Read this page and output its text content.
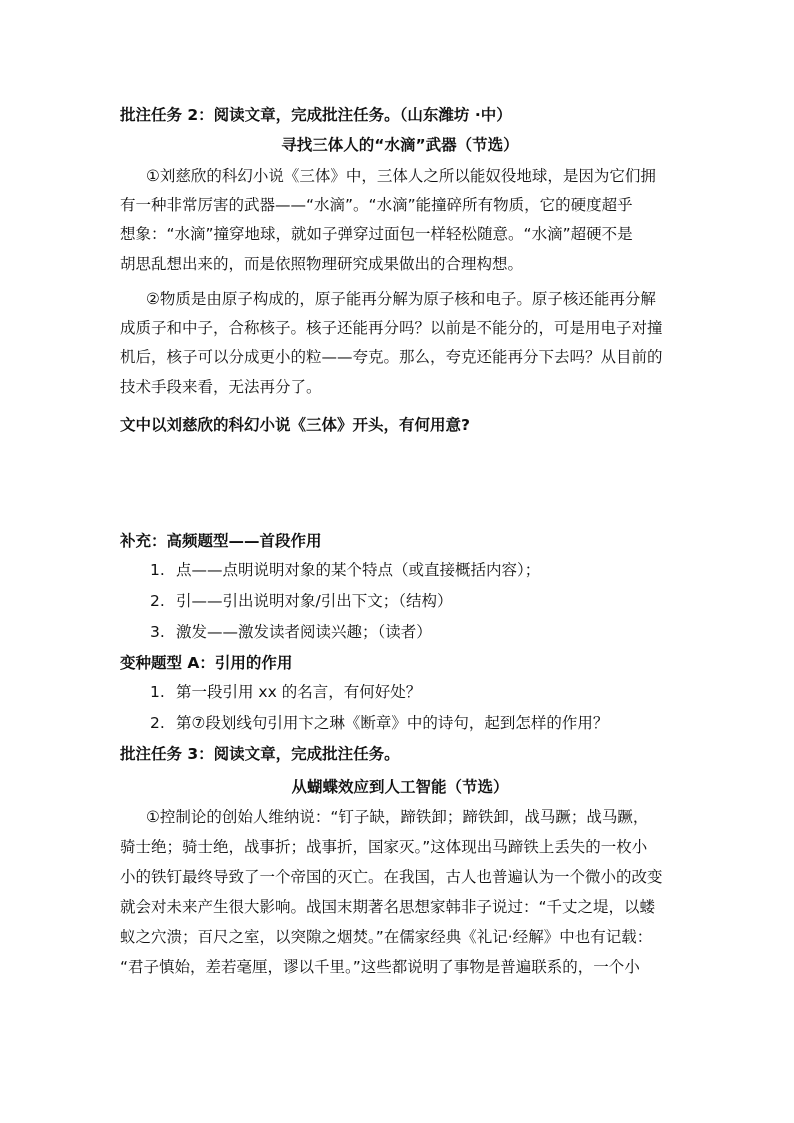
批注任务 2：阅读文章，完成批注任务。（山东潍坊 ·中）
寻找三体人的“水滴”武器（节选）
①刘慈欣的科幻小说《三体》中，三体人之所以能奴役地球，是因为它们拥
有一种非常厉害的武器——“水滴”。“水滴”能撞碎所有物质，它的硬度超乎
想象：“水滴”撞穿地球，就如子弹穿过面包一样轻松随意。“水滴”超硬不是
胡思乱想出来的，而是依照物理研究成果做出的合理构想。
②物质是由原子构成的，原子能再分解为原子核和电子。原子核还能再分解
成质子和中子，合称核子。核子还能再分吗？以前是不能分的，可是用电子对撞
机后，核子可以分成更小的粒——夸克。那么，夸克还能再分下去吗？从目前的
技术手段来看，无法再分了。
文中以刘慈欣的科幻小说《三体》开头，有何用意?
补充：高频题型——首段作用
1. 点——点明说明对象的某个特点（或直接概括内容）；
2. 引——引出说明对象/引出下文；（结构）
3. 激发——激发读者阅读兴趣；（读者）
变种题型 A：引用的作用
1. 第一段引用 xx 的名言，有何好处？
2. 第⑦段划线句引用卞之琳《断章》中的诗句，起到怎样的作用？
批注任务 3：阅读文章，完成批注任务。
从蝴蝶效应到人工智能（节选）
①控制论的创始人维纳说：“钉子缺，蹄铁卸；蹄铁卸，战马蹶；战马蹶，
骑士绝；骑士绝，战事折；战事折，国家灭。”这体现出马蹄铁上丢失的一枚小
小的铁钉最终导致了一个帝国的灭亡。在我国，古人也普遍认为一个微小的改变
就会对未来产生很大影响。战国末期著名思想家韩非子说过：“千丈之堤，以蝼
蚁之穴溃；百尺之室，以突隙之烟焚。”在儒家经典《礼记·经解》中也有记载：
“君子慎始，差若毫厘，谬以千里。”这些都说明了事物是普遍联系的，一个小
